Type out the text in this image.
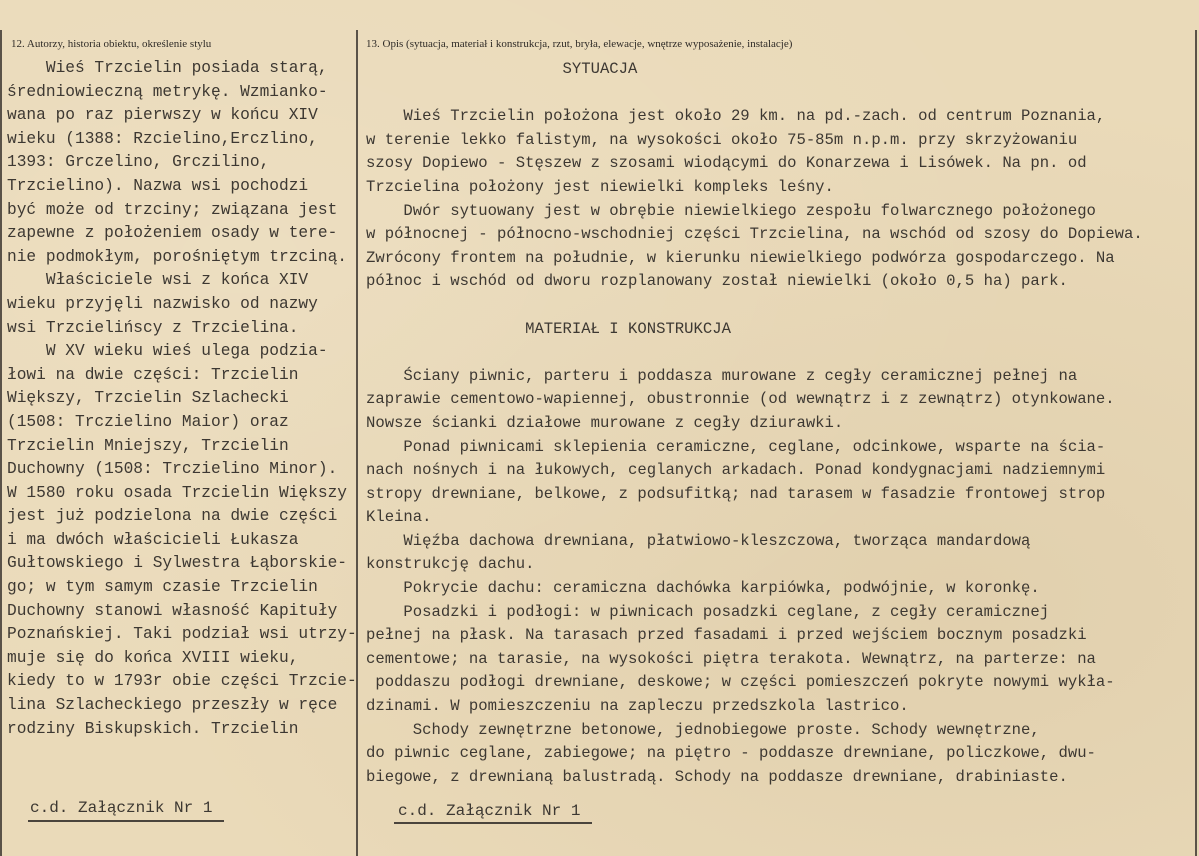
12. Autorzy, historia obiektu, określenie stylu	13. Opis (sytuacja, materiał i konstrukcja, rzut, bryła, elewacje, wnętrze wyposażenie, instalacje)
Wieś Trzcielin posiada starą,
średniowieczną metrykę. Wzmianko-
wana po raz pierwszy w końcu XIV
wieku (1388: Rzcielino,Erczlino,
1393: Grczelino, Grczilino,
Trzcielino). Nazwa wsi pochodzi
być może od trzciny; związana jest
zapewne z położeniem osady w tere-
nie podmokłym, porośniętym trzciną.
Właściciele wsi z końca XIV
wieku przyjęli nazwisko od nazwy
wsi Trzcielińscy z Trzcielina.
W XV wieku wieś ulega podzia-
łowi na dwie części: Trzcielin
Większy, Trzcielin Szlachecki
(1508: Trczielino Maior) oraz
Trzcielin Mniejszy, Trzcielin
Duchowny (1508: Trczielino Minor).
W 1580 roku osada Trzcielin Większy
jest już podzielona na dwie części
i ma dwóch właścicieli Łukasza
Gułtowskiego i Sylwestra Łąborskie-
go; w tym samym czasie Trzcielin
Duchowny stanowi własność Kapituły
Poznańskiej. Taki podział wsi utrzy-
muje się do końca XVIII wieku,
kiedy to w 1793r obie części Trzcie-
lina Szlacheckiego przeszły w ręce
rodziny Biskupskich. Trzcielin
SYTUACJA
Wieś Trzcielin położona jest około 29 km. na pd.-zach. od centrum Poznania,
w terenie lekko falistym, na wysokości około 75-85m n.p.m. przy skrzyżowaniu
szosy Dopiewo - Stęszew z szosami wiodącymi do Konarzewa i Lisówek. Na pn. od
Trzcielina położony jest niewielki kompleks leśny.
Dwór sytuowany jest w obrębie niewielkiego zespołu folwarcznego położonego
w północnej - północno-wschodniej części Trzcielina, na wschód od szosy do Dopiewa.
Zwrócony frontem na południe, w kierunku niewielkiego podwórza gospodarczego. Na
północ i wschód od dworu rozplanowany został niewielki (około 0,5 ha) park.
MATERIAŁ I KONSTRUKCJA
Ściany piwnic, parteru i poddasza murowane z cegły ceramicznej pełnej na
zaprawie cementowo-wapiennej, obustronnie (od wewnątrz i z zewnątrz) otynkowane.
Nowsze ścianki działowe murowane z cegły dziurawki.
Ponad piwnicami sklepienia ceramiczne, ceglane, odcinkowe, wsparte na ścia-
nach nośnych i na łukowych, ceglanych arkadach. Ponad kondygnacjami nadziemnymi
stropy drewniane, belkowe, z podsufitką; nad tarasem w fasadzie frontowej strop
Kleina.
Więźba dachowa drewniana, płatwiowo-kleszczowa, tworząca mandardową
konstrukcję dachu.
Pokrycie dachu: ceramiczna dachówka karpiówka, podwójnie, w koronkę.
Posadzki i podłogi: w piwnicach posadzki ceglane, z cegły ceramicznej
pełnej na płask. Na tarasach przed fasadami i przed wejściem bocznym posadzki
cementowe; na tarasie, na wysokości piętra terakota. Wewnątrz, na parterze: na
poddaszu podłogi drewniane, deskowe; w części pomieszczeń pokryte nowymi wykła-
dzinami. W pomieszczeniu na zapleczu przedszkola lastrico.
Schody zewnętrzne betonowe, jednobiegowe proste. Schody wewnętrzne,
do piwnic ceglane, zabiegowe; na piętro - poddasze drewniane, policzkowe, dwu-
biegowe, z drewnianą balustradą. Schody na poddasze drewniane, drabiniaste.
c.d. Załącznik Nr 1	c.d. Załącznik Nr 1
